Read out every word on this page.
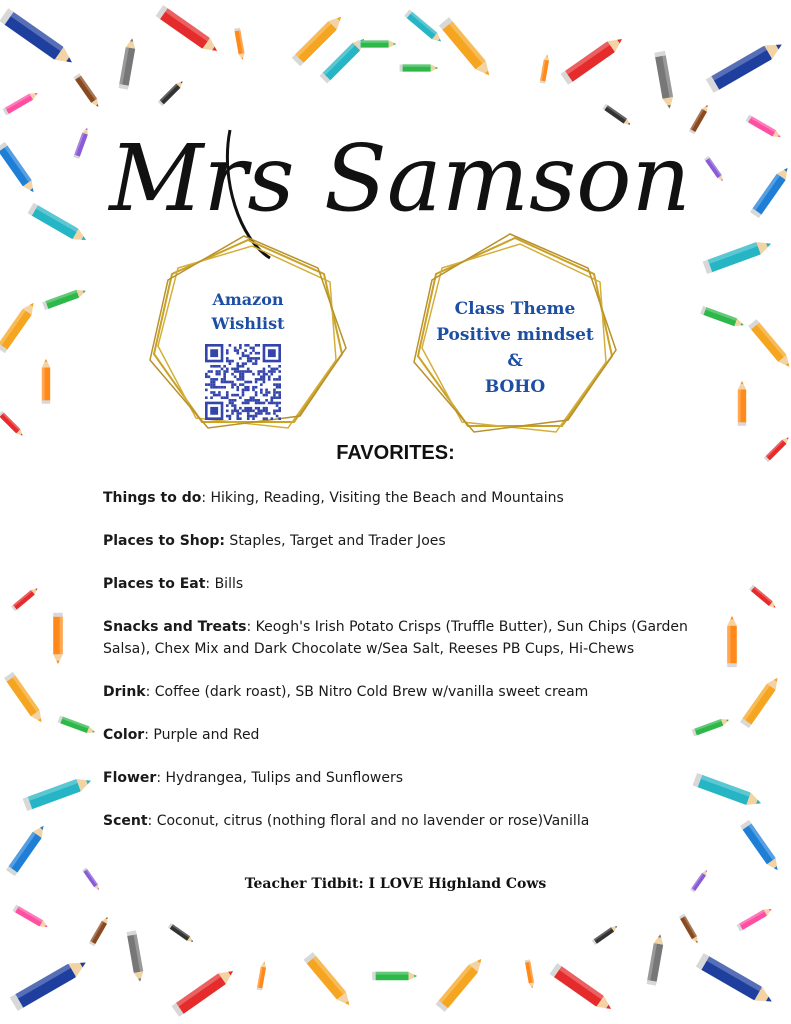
Mrs Samson
Amazon
Wishlist
Class Theme
Positive mindset
&
BOHO
FAVORITES:
Things to do: Hiking, Reading, Visiting the Beach and Mountains
Places to Shop: Staples, Target and Trader Joes
Places to Eat: Bills
Snacks and Treats: Keogh's Irish Potato Crisps (Truffle Butter), Sun Chips (Garden Salsa), Chex Mix and Dark Chocolate w/Sea Salt, Reeses PB Cups, Hi-Chews
Drink: Coffee (dark roast), SB Nitro Cold Brew w/vanilla sweet cream
Color: Purple and Red
Flower: Hydrangea, Tulips and Sunflowers
Scent: Coconut, citrus (nothing floral and no lavender or rose)Vanilla
Teacher Tidbit: I LOVE Highland Cows
